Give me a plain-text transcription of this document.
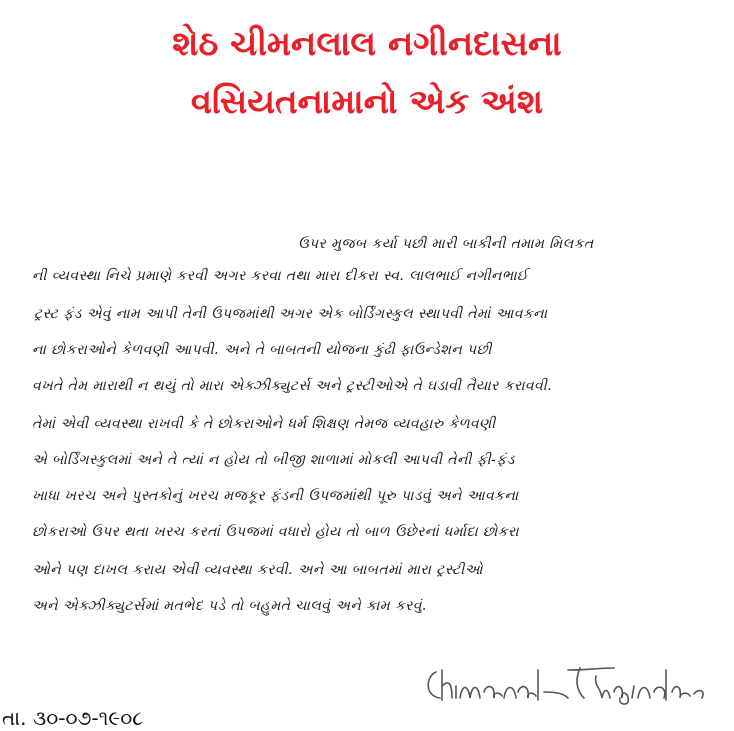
શેઠ ચીમનલાલ નગીનદાસના
વસિયતનામાનો એક અંશ
ઉપર મુજબ કર્યા પછી મારી બાકીની તમામ મિલકત
ની વ્યવસ્થા નિચે પ્રમાણે કરવી અગર કરવા તથા મારા દીકરા સ્વ. લાલભાઈ નગીનભાઈ
ટ્રસ્ટ ફંડ એવું નામ આપી તેની ઉપજમાંથી અગર એક બોર્ડિંગસ્કુલ સ્થાપવી તેમાં આવકના
ના છોકરાઓને કેળવણી આપવી. અને તે બાબતની યોજના કુંઢી ફાઉન્ડેશન પછી
વખતે તેમ મારાથી ન થયું તો મારા એક્ઝીક્યુટર્સ અને ટ્રસ્ટીઓએ તે ઘડાવી તૈયાર કરાવવી.
તેમાં એવી વ્યવસ્થા રાખવી કે તે છોકરાઓને ધર્મ શિક્ષણ તેમજ વ્યવહારુ કેળવણી
એ બોર્ડિંગસ્કુલમાં અને તે ત્યાં ન હોય તો બીજી શાળામાં મોકલી આપવી તેની ફી-ફંડ
ખાધા ખરચ અને પુસ્તકોનું ખરચ મજકૂર ફંડની ઉપજમાંથી પૂરુ પાડવું અને આવકના
છોકરાઓ ઉપર થતા ખરચ કરતાં ઉપજમાં વધારો હોય તો બાળ ઉછેરનાં ધર્માદા છોકરા
ઓને પણ દાખલ કરાય એવી વ્યવસ્થા કરવી. અને આ બાબતમાં મારા ટ્રસ્ટીઓ
અને એક્ઝીક્યુટર્સમાં મતભેદ પડે તો બહુમતે ચાલવું અને કામ કરવું.
તા. ૩૦-૦૭-૧૯૦૮
